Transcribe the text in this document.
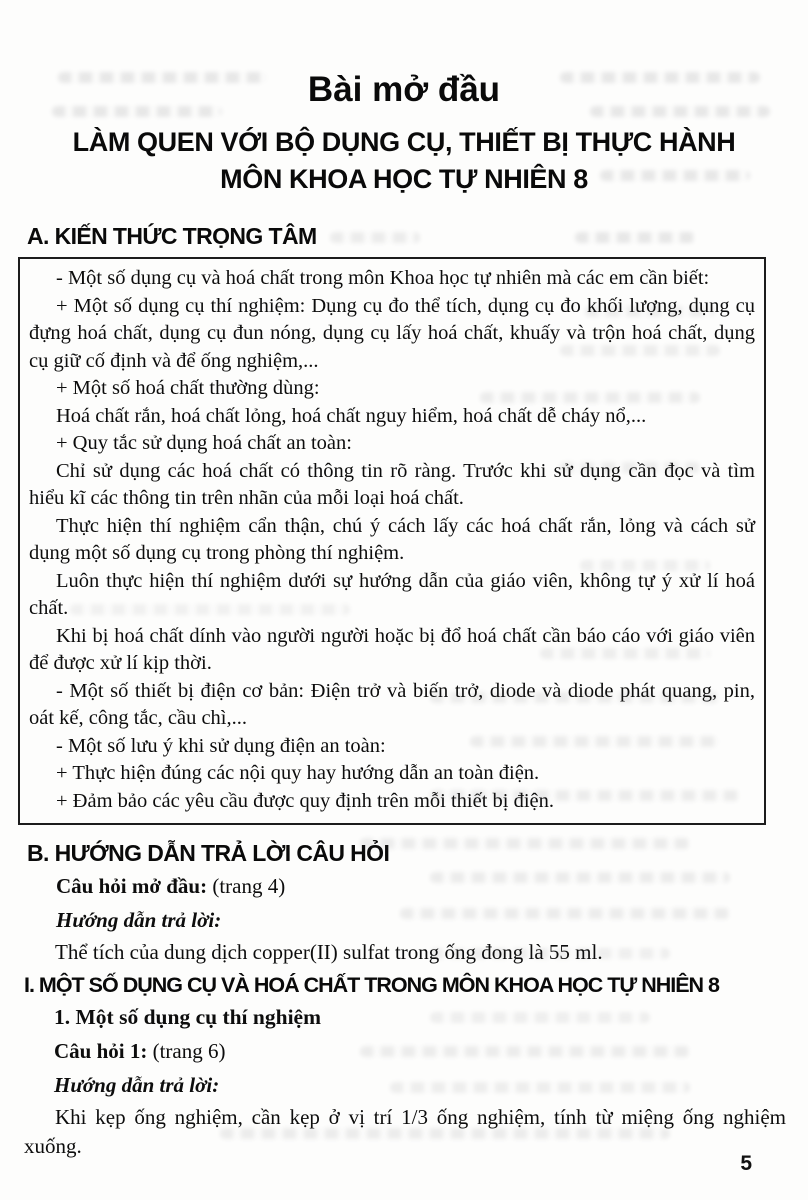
Bài mở đầu
LÀM QUEN VỚI BỘ DỤNG CỤ, THIẾT BỊ THỰC HÀNH
MÔN KHOA HỌC TỰ NHIÊN 8
A. KIẾN THỨC TRỌNG TÂM

- Một số dụng cụ và hoá chất trong môn Khoa học tự nhiên mà các em cần biết:

+ Một số dụng cụ thí nghiệm: Dụng cụ đo thể tích, dụng cụ đo khối lượng, dụng cụ đựng hoá chất, dụng cụ đun nóng, dụng cụ lấy hoá chất, khuấy và trộn hoá chất, dụng cụ giữ cố định và để ống nghiệm,...

+ Một số hoá chất thường dùng:

Hoá chất rắn, hoá chất lỏng, hoá chất nguy hiểm, hoá chất dễ cháy nổ,...

+ Quy tắc sử dụng hoá chất an toàn:

Chỉ sử dụng các hoá chất có thông tin rõ ràng. Trước khi sử dụng cần đọc và tìm hiểu kĩ các thông tin trên nhãn của mỗi loại hoá chất.

Thực hiện thí nghiệm cẩn thận, chú ý cách lấy các hoá chất rắn, lỏng và cách sử dụng một số dụng cụ trong phòng thí nghiệm.

Luôn thực hiện thí nghiệm dưới sự hướng dẫn của giáo viên, không tự ý xử lí hoá chất.

Khi bị hoá chất dính vào người người hoặc bị đổ hoá chất cần báo cáo với giáo viên để được xử lí kịp thời.

- Một số thiết bị điện cơ bản: Điện trở và biến trở, diode và diode phát quang, pin, oát kế, công tắc, cầu chì,...

- Một số lưu ý khi sử dụng điện an toàn:

+ Thực hiện đúng các nội quy hay hướng dẫn an toàn điện.

+ Đảm bảo các yêu cầu được quy định trên mỗi thiết bị điện.

B. HƯỚNG DẪN TRẢ LỜI CÂU HỎI
Câu hỏi mở đầu: (trang 4)
Hướng dẫn trả lời:

Thể tích của dung dịch copper(II) sulfat trong ống đong là 55 ml.

I. MỘT SỐ DỤNG CỤ VÀ HOÁ CHẤT TRONG MÔN KHOA HỌC TỰ NHIÊN 8
1. Một số dụng cụ thí nghiệm
Câu hỏi 1: (trang 6)
Hướng dẫn trả lời:

Khi kẹp ống nghiệm, cần kẹp ở vị trí 1/3 ống nghiệm, tính từ miệng ống nghiệm xuống.

5
